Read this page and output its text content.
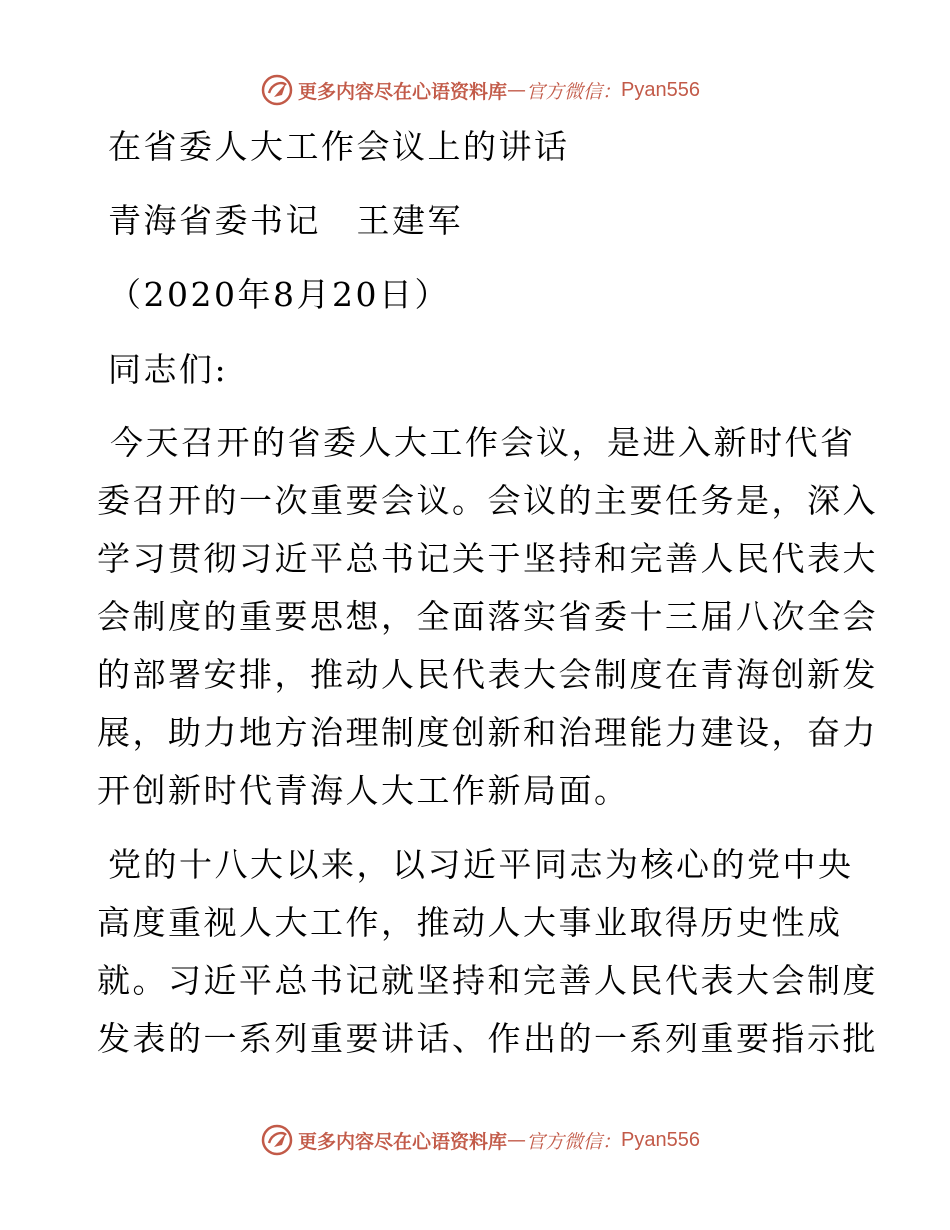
更多内容尽在心语资料库 — 官方微信： Pyan556
在省委人大工作会议上的讲话
青海省委书记　王建军
（2020年8月20日）
同志们:
今天召开的省委人大工作会议，是进入新时代省
委召开的一次重要会议。会议的主要任务是，深入
学习贯彻习近平总书记关于坚持和完善人民代表大
会制度的重要思想，全面落实省委十三届八次全会
的部署安排，推动人民代表大会制度在青海创新发
展，助力地方治理制度创新和治理能力建设，奋力
开创新时代青海人大工作新局面。
党的十八大以来，以习近平同志为核心的党中央
高度重视人大工作，推动人大事业取得历史性成
就。习近平总书记就坚持和完善人民代表大会制度
发表的一系列重要讲话、作出的一系列重要指示批
更多内容尽在心语资料库 — 官方微信： Pyan556
